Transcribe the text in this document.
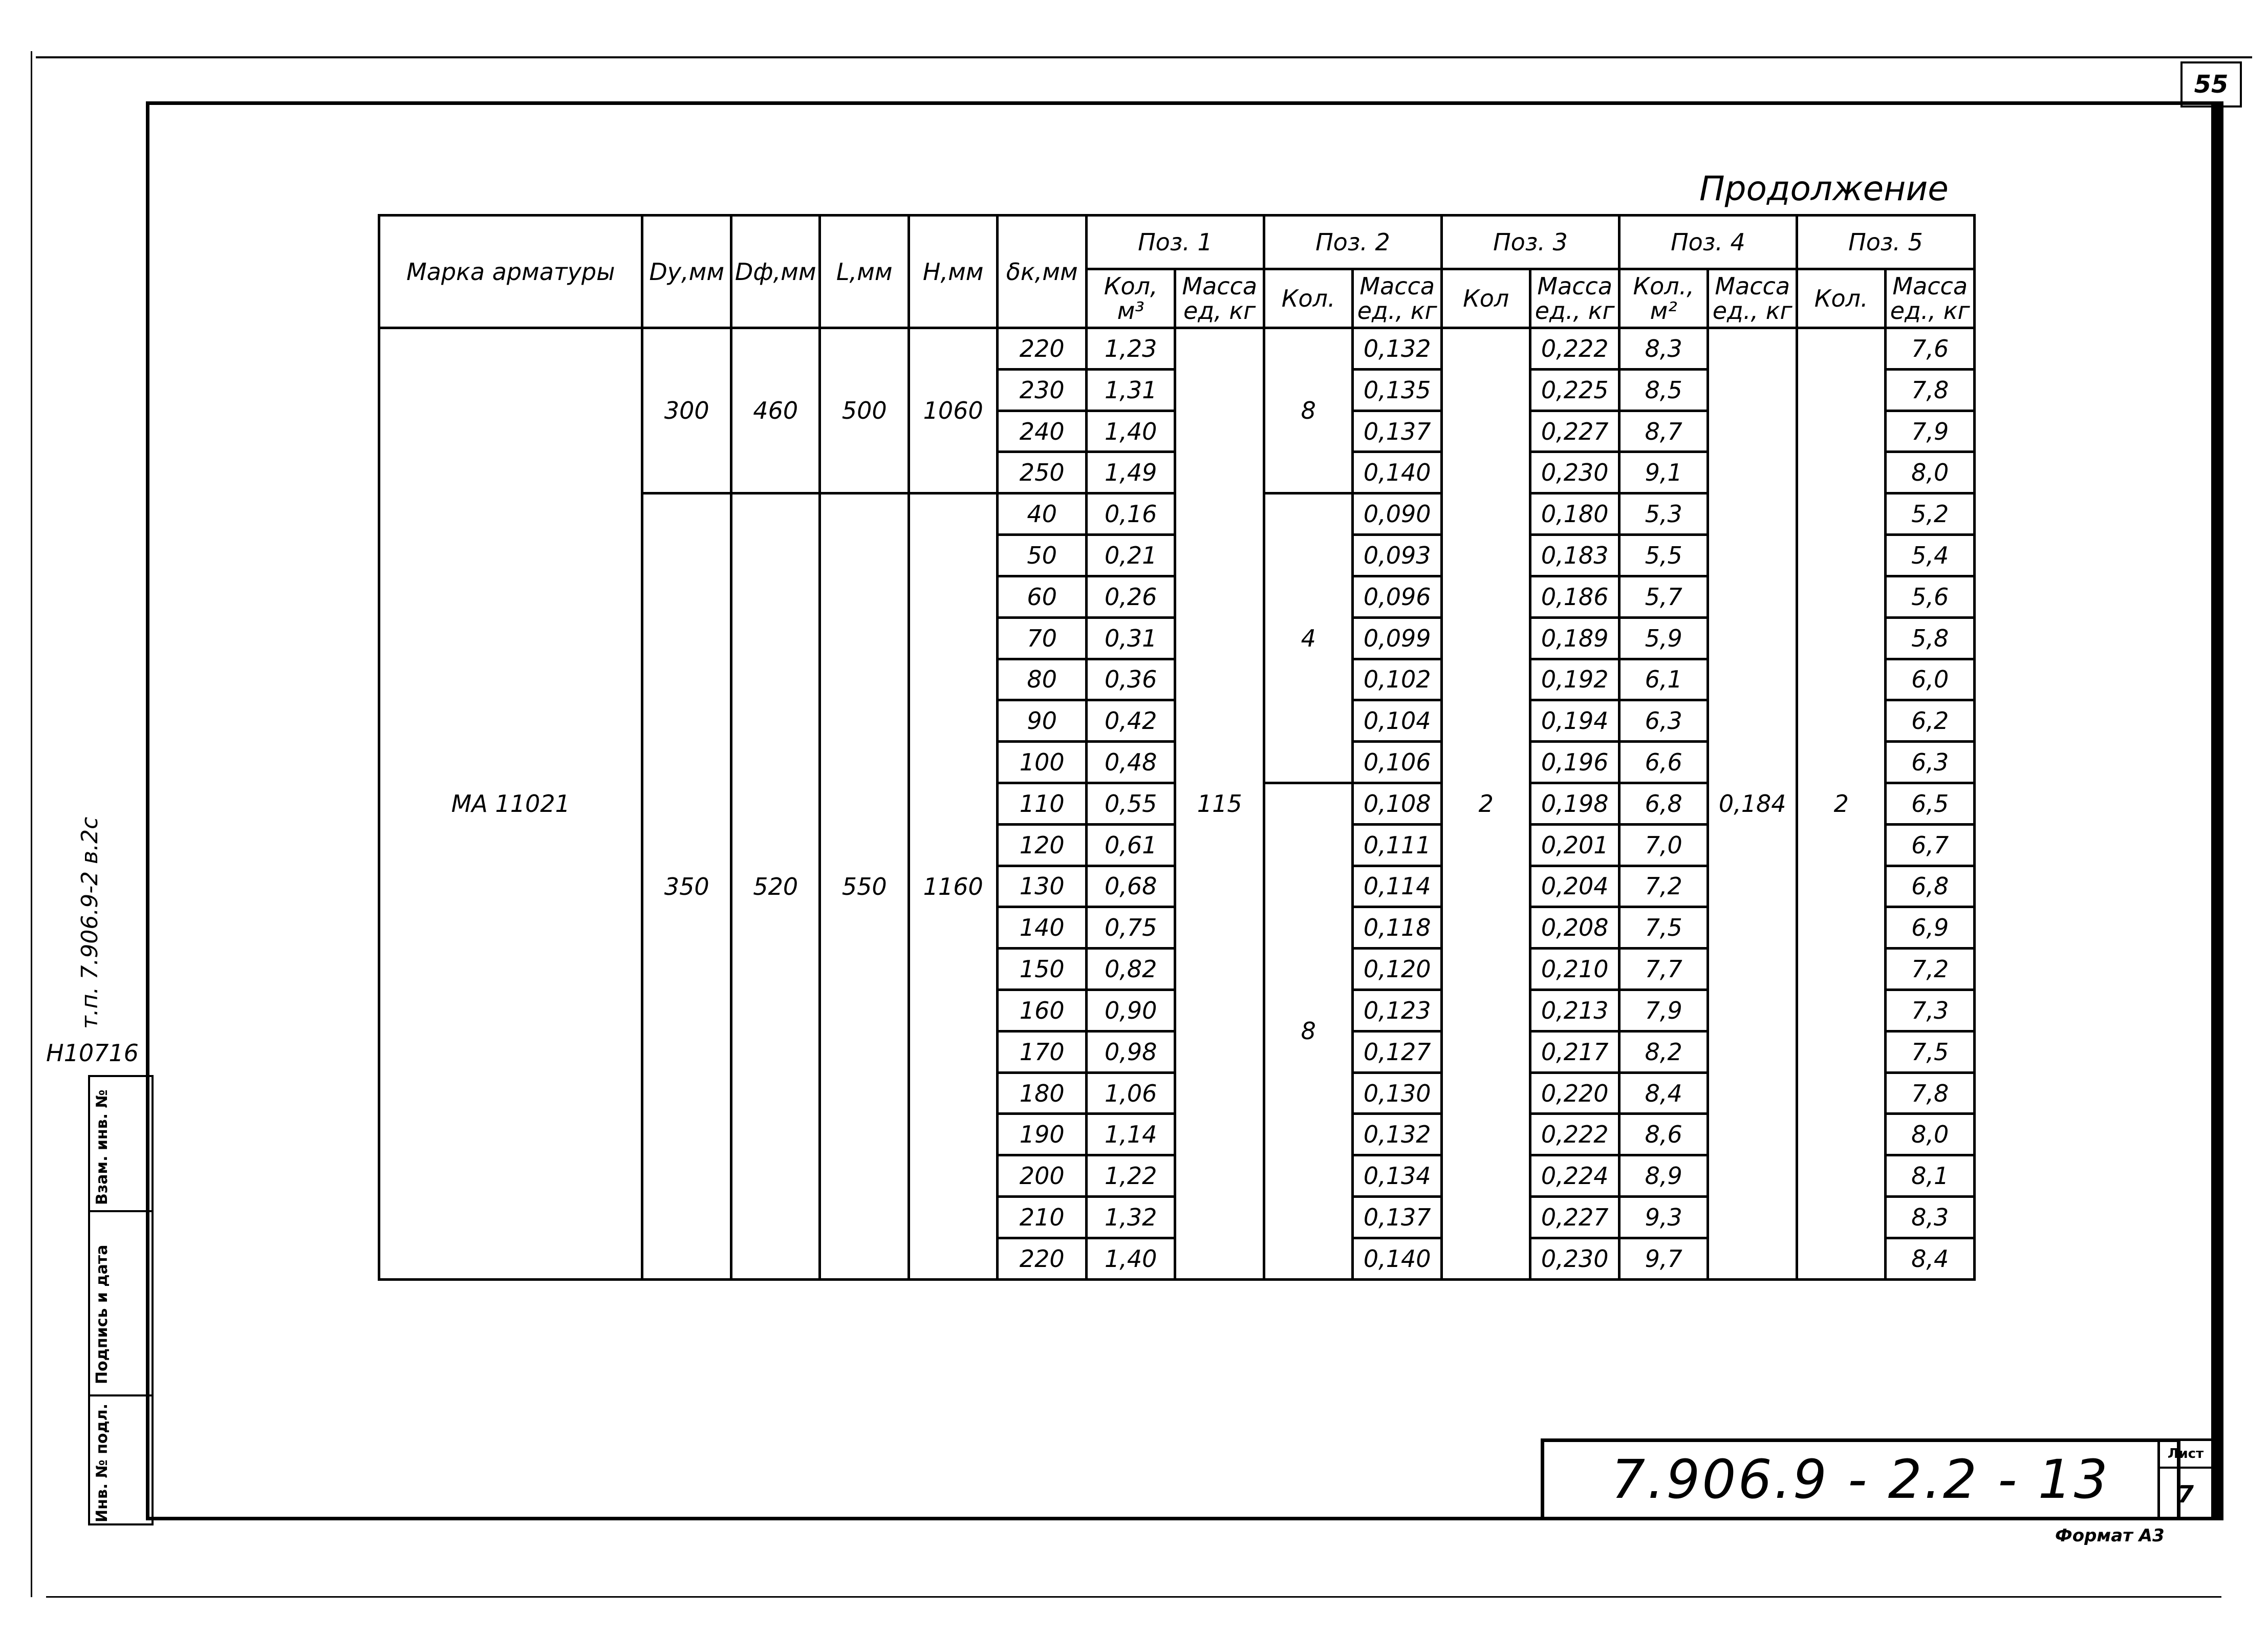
55
Продолжение
Марка арматуры	Dу,мм	Dф,мм	L,мм	H,мм	δк,мм	Поз. 1		Поз. 2		Поз. 3		Поз. 4		Поз. 5	
						Кол, м³	Масса ед, кг	Кол.	Масса ед., кг	Кол	Масса ед., кг	Кол., м²	Масса ед., кг	Кол.	Масса ед., кг
МА 11021	300	460	500	1060	220	1,23	115	8	0,132	2	0,222	8,3	0,184	2	7,6
					230	1,31			0,135		0,225	8,5			7,8
					240	1,40			0,137		0,227	8,7			7,9
					250	1,49			0,140		0,230	9,1			8,0
	350	520	550	1160	40	0,16		4	0,090		0,180	5,3			5,2
					50	0,21			0,093		0,183	5,5			5,4
					60	0,26			0,096		0,186	5,7			5,6
					70	0,31			0,099		0,189	5,9			5,8
					80	0,36			0,102		0,192	6,1			6,0
					90	0,42			0,104		0,194	6,3			6,2
					100	0,48			0,106		0,196	6,6			6,3
					110	0,55		8	0,108		0,198	6,8			6,5
					120	0,61			0,111		0,201	7,0			6,7
					130	0,68			0,114		0,204	7,2			6,8
					140	0,75			0,118		0,208	7,5			6,9
					150	0,82			0,120		0,210	7,7			7,2
					160	0,90			0,123		0,213	7,9			7,3
					170	0,98			0,127		0,217	8,2			7,5
					180	1,06			0,130		0,220	8,4			7,8
					190	1,14			0,132		0,222	8,6			8,0
					200	1,22			0,134		0,224	8,9			8,1
					210	1,32			0,137		0,227	9,3			8,3
					220	1,40			0,140		0,230	9,7			8,4
т.п. 7.906.9-2 в.2с
Н10716
Взам. инв. №
Подпись и дата
Инв. № подл.	7.906.9 - 2.2 - 13	Лист
7
Формат А3
